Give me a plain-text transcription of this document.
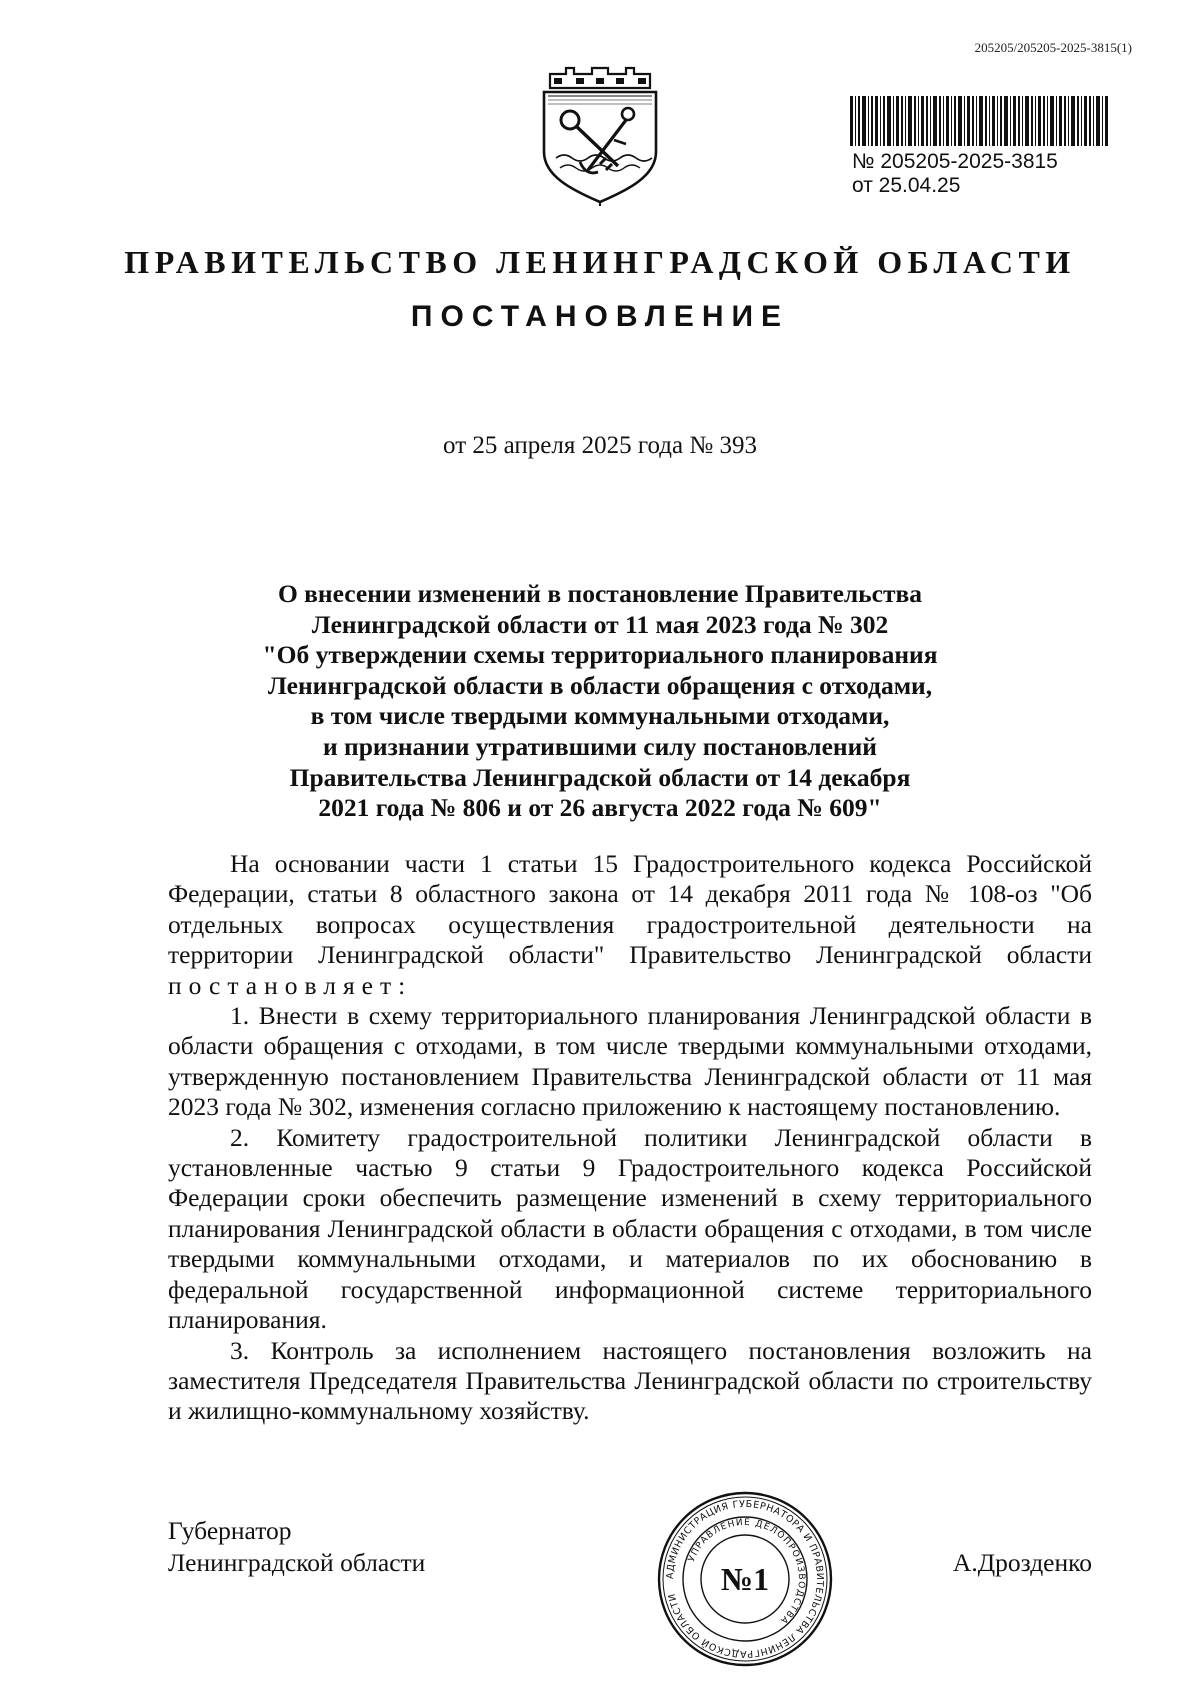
205205/205205-2025-3815(1)
№ 205205-2025-3815
от 25.04.25
ПРАВИТЕЛЬСТВО ЛЕНИНГРАДСКОЙ ОБЛАСТИ
ПОСТАНОВЛЕНИЕ
от 25 апреля 2025 года № 393
О внесении изменений в постановление Правительства
Ленинградской области от 11 мая 2023 года № 302
"Об утверждении схемы территориального планирования
Ленинградской области в области обращения с отходами,
в том числе твердыми коммунальными отходами,
и признании утратившими силу постановлений
Правительства Ленинградской области от 14 декабря
2021 года № 806 и от 26 августа 2022 года № 609"

На основании части 1 статьи 15 Градостроительного кодекса Российской Федерации, статьи 8 областного закона от 14 декабря 2011 года № 108-оз "Об отдельных вопросах осуществления градостроительной деятельности на территории Ленинградской области" Правительство Ленинградской области постановляет:

1. Внести в схему территориального планирования Ленинградской области в области обращения с отходами, в том числе твердыми коммунальными отходами, утвержденную постановлением Правительства Ленинградской области от 11 мая 2023 года № 302, изменения согласно приложению к настоящему постановлению.

2. Комитету градостроительной политики Ленинградской области в установленные частью 9 статьи 9 Градостроительного кодекса Российской Федерации сроки обеспечить размещение изменений в схему территориального планирования Ленинградской области в области обращения с отходами, в том числе твердыми коммунальными отходами, и материалов по их обоснованию в федеральной государственной информационной системе территориального планирования.

3. Контроль за исполнением настоящего постановления возложить на заместителя Председателя Правительства Ленинградской области по строительству и жилищно-коммунальному хозяйству.

Губернатор
Ленинградской области	АДМИНИСТРАЦИЯ ГУБЕРНАТОРА И ПРАВИТЕЛЬСТВА ЛЕНИНГРАДСКОЙ ОБЛАСТИ
УПРАВЛЕНИЕ ДЕЛОПРОИЗВОДСТВА
№1	А.Дрозденко
